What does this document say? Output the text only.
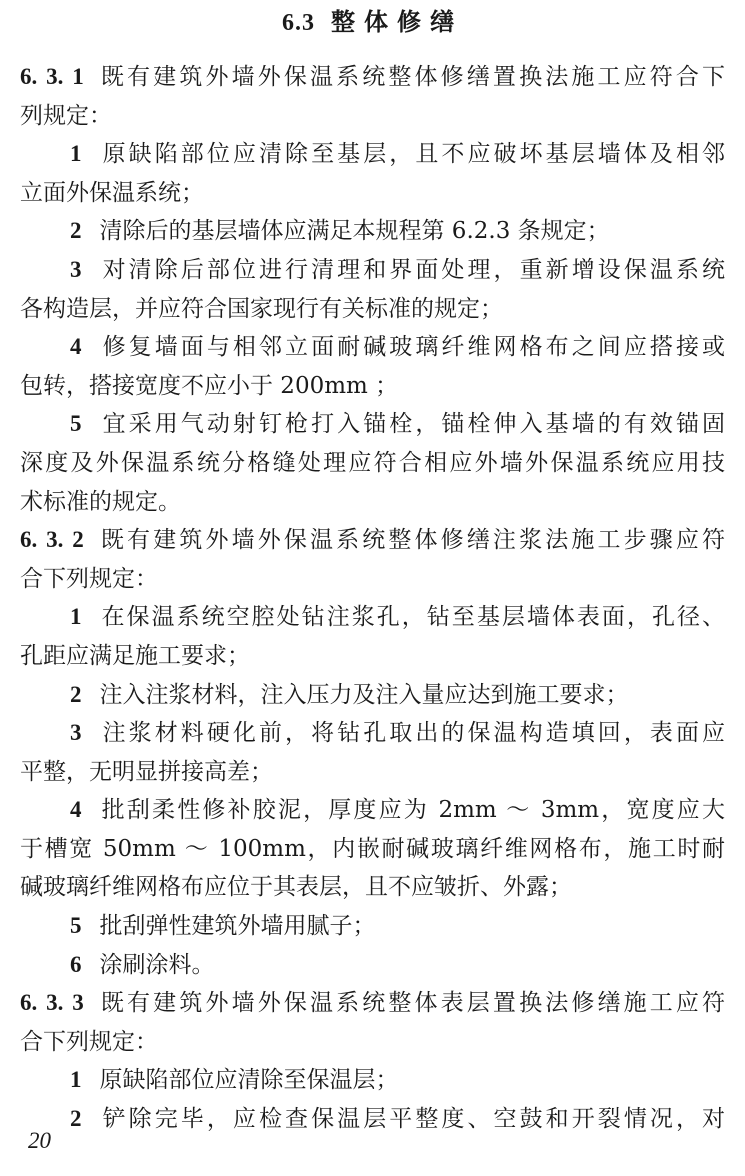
6.3 整体修缮
6. 3. 1 既有建筑外墙外保温系统整体修缮置换法施工应符合下
列规定：
1 原缺陷部位应清除至基层，且不应破坏基层墙体及相邻
立面外保温系统；
2 清除后的基层墙体应满足本规程第 6.2.3 条规定；
3 对清除后部位进行清理和界面处理，重新增设保温系统
各构造层，并应符合国家现行有关标准的规定；
4 修复墙面与相邻立面耐碱玻璃纤维网格布之间应搭接或
包转，搭接宽度不应小于 200mm ；
5 宜采用气动射钉枪打入锚栓，锚栓伸入基墙的有效锚固
深度及外保温系统分格缝处理应符合相应外墙外保温系统应用技
术标准的规定。
6. 3. 2 既有建筑外墙外保温系统整体修缮注浆法施工步骤应符
合下列规定：
1 在保温系统空腔处钻注浆孔，钻至基层墙体表面，孔径、
孔距应满足施工要求；
2 注入注浆材料，注入压力及注入量应达到施工要求；
3 注浆材料硬化前，将钻孔取出的保温构造填回，表面应
平整，无明显拼接高差；
4 批刮柔性修补胶泥，厚度应为 2mm ～ 3mm，宽度应大
于槽宽 50mm ～ 100mm，内嵌耐碱玻璃纤维网格布，施工时耐
碱玻璃纤维网格布应位于其表层，且不应皱折、外露；
5 批刮弹性建筑外墙用腻子；
6 涂刷涂料。
6. 3. 3 既有建筑外墙外保温系统整体表层置换法修缮施工应符
合下列规定：
1 原缺陷部位应清除至保温层；
2 铲除完毕，应检查保温层平整度、空鼓和开裂情况，对
20
